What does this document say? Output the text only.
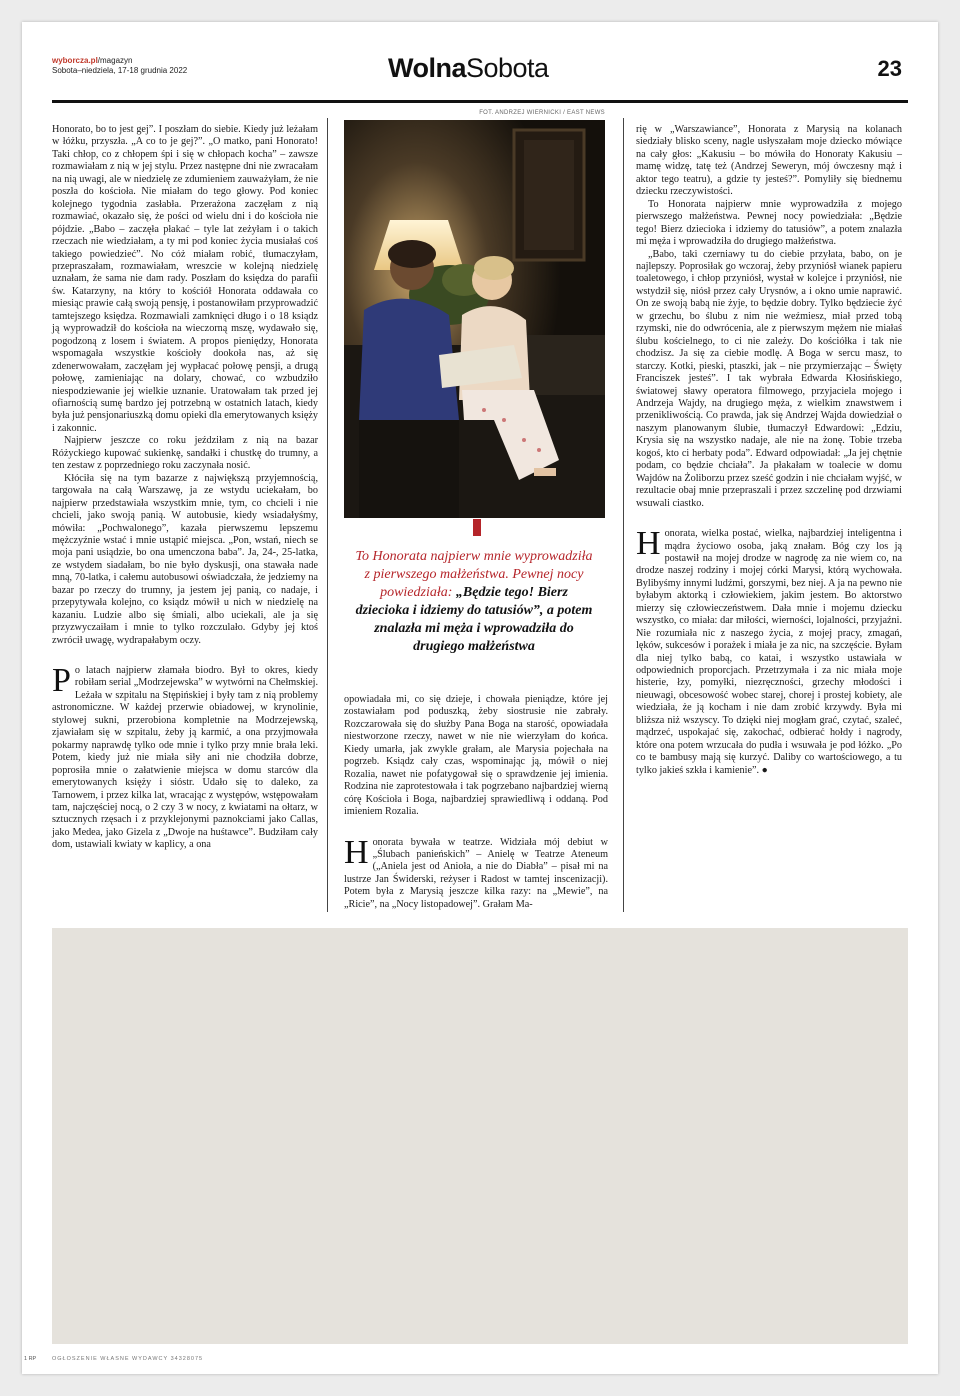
wyborcza.pl/magazyn
Sobota–niedziela, 17-18 grudnia 2022	WolnaSobota	23

Honorato, bo to jest gej”. I poszłam do siebie. Kiedy już leżałam w łóżku, przyszła. „A co to je gej?”. „O matko, pani Honorato! Taki chłop, co z chłopem śpi i się w chłopach kocha” – zawsze rozmawiałam z nią w jej stylu. Przez następne dni nie zwracałam na nią uwagi, ale w niedzielę ze zdumieniem zauważyłam, że nie poszła do kościoła. Nie miałam do tego głowy. Pod koniec kolejnego tygodnia zasłabła. Przerażona zaczęłam z nią rozmawiać, okazało się, że pości od wielu dni i do kościoła nie pójdzie. „Babo – zaczęła płakać – tyle lat zeżyłam i o takich rzeczach nie wiedziałam, a ty mi pod koniec życia musiałaś coś takiego powiedzieć”. No cóż miałam robić, tłumaczyłam, przepraszałam, rozmawiałam, wreszcie w kolejną niedzielę uznałam, że sama nie dam rady. Poszłam do księdza do parafii św. Katarzyny, na który to kościół Honorata oddawała co miesiąc prawie całą swoją pensję, i postanowiłam przyprowadzić tamtejszego księdza. Rozmawiali zamknięci długo i o 18 ksiądz ją wyprowadził do kościoła na wieczorną mszę, wydawało się, pogodzoną z losem i światem. A propos pieniędzy, Honorata wspomagała wszystkie kościoły dookoła nas, aż się zdenerwowałam, zaczęłam jej wypłacać połowę pensji, a drugą połowę, zamieniając na dolary, chować, co wzbudziło niespodziewanie jej wielkie uznanie. Uratowałam tak przed jej ofiarnością sumę bardzo jej potrzebną w ostatnich latach, kiedy była już pensjonariuszką domu opieki dla emerytowanych księży i zakonnic.

Najpierw jeszcze co roku jeździłam z nią na bazar Różyckiego kupować sukienkę, sandałki i chustkę do trumny, a ten zestaw z poprzedniego roku zaczynała nosić.

Kłóciła się na tym bazarze z największą przyjemnością, targowała na całą Warszawę, ja ze wstydu uciekałam, bo najpierw przedstawiała wszystkim mnie, tym, co chcieli i nie chcieli, jako swoją panią. W autobusie, kiedy wsiadałyśmy, mówiła: „Pochwalonego”, kazała pierwszemu lepszemu mężczyźnie wstać i mnie ustąpić miejsca. „Pon, wstań, niech se moja pani usiądzie, bo ona umenczona baba”. Ja, 24-, 25-latka, ze wstydem siadałam, bo nie było dyskusji, ona stawała nade mną, 70-latka, i całemu autobusowi oświadczała, że jedziemy na bazar po rzeczy do trumny, ja jestem jej panią, co nadaje, i przepytywała kolejno, co ksiądz mówił u nich w niedzielę na kazaniu. Ludzie albo się śmiali, albo uciekali, ale ja się przyzwyczaiłam i mnie to tylko rozczulało. Gdyby jej ktoś zwrócił uwagę, wydrapałabym oczy.

Po latach najpierw złamała biodro. Był to okres, kiedy robiłam serial „Modrzejewska” w wytwórni na Chełmskiej. Leżała w szpitalu na Stępińskiej i były tam z nią problemy astronomiczne. W każdej przerwie obiadowej, w krynolinie, stylowej sukni, przerobiona kompletnie na Modrzejewską, zjawiałam się w szpitalu, żeby ją karmić, a ona przyjmowała pokarmy naprawdę tylko ode mnie i tylko przy mnie brała leki. Potem, kiedy już nie miała siły ani nie chodziła dobrze, poprosiła mnie o załatwienie miejsca w domu starców dla emerytowanych księży i sióstr. Udało się to daleko, za Tarnowem, i przez kilka lat, wracając z występów, wstępowałam tam, najczęściej nocą, o 2 czy 3 w nocy, z kwiatami na ołtarz, w sztucznych rzęsach i z przyklejonymi paznokciami jako Callas, jako Medea, jako Gizela z „Dwoje na huśtawce”. Budziłam cały dom, ustawiali kwiaty w kaplicy, a ona

FOT. ANDRZEJ WIERNICKI / EAST NEWS
To Honorata najpierw mnie wyprowadziła z pierwszego małżeństwa. Pewnej nocy powiedziała: „Będzie tego! Bierz dziecioka i idziemy do tatusiów”, a potem znalazła mi męża i wprowadziła do drugiego małżeństwa

opowiadała mi, co się dzieje, i chowała pieniądze, które jej zostawiałam pod poduszką, żeby siostrusie nie zabrały. Rozczarowała się do służby Pana Boga na starość, opowiadała niestworzone rzeczy, nawet w nie nie wierzyłam do końca. Kiedy umarła, jak zwykle grałam, ale Marysia pojechała na pogrzeb. Ksiądz cały czas, wspominając ją, mówił o niej Rozalia, nawet nie pofatygował się o sprawdzenie jej imienia. Rodzina nie zaprotestowała i tak pogrzebano najbardziej wierną córę Kościoła i Boga, najbardziej sprawiedliwą i oddaną. Pod imieniem Rozalia.

Honorata bywała w teatrze. Widziała mój debiut w „Ślubach panieńskich” – Anielę w Teatrze Ateneum („Aniela jest od Anioła, a nie do Diabła” – pisał mi na lustrze Jan Świderski, reżyser i Radost w tamtej inscenizacji). Potem była z Marysią jeszcze kilka razy: na „Mewie”, na „Ricie”, na „Nocy listopadowej”. Grałam Ma-

rię w „Warszawiance”, Honorata z Marysią na kolanach siedziały blisko sceny, nagle usłyszałam moje dziecko mówiące na cały głos: „Kakusiu – bo mówiła do Honoraty Kakusiu – mamę widzę, tatę też (Andrzej Seweryn, mój ówczesny mąż i aktor tego teatru), a gdzie ty jesteś?”. Pomyliły się biednemu dziecku rzeczywistości.

To Honorata najpierw mnie wyprowadziła z mojego pierwszego małżeństwa. Pewnej nocy powiedziała: „Będzie tego! Bierz dziecioka i idziemy do tatusiów”, a potem znalazła mi męża i wprowadziła do drugiego małżeństwa.

„Babo, taki czerniawy tu do ciebie przyłata, babo, on je najlepszy. Poprosiłak go wczoraj, żeby przyniósł wianek papieru toaletowego, i chłop przyniósł, wystał w kolejce i przyniósł, nie wstydził się, niósł przez cały Urysnów, a i okno umie naprawić. On ze swoją babą nie żyje, to będzie dobry. Tylko będziecie żyć w grzechu, bo ślubu z nim nie weźmiesz, miał przed tobą rzymski, nie do odwrócenia, ale z pierwszym mężem nie miałaś ślubu kościelnego, to ci nie zależy. Do kościółka i tak nie chodzisz. Ja się za ciebie modlę. A Boga w sercu masz, to starczy. Kotki, pieski, ptaszki, jak – nie przymierzając – Święty Franciszek jesteś”. I tak wybrała Edwarda Kłosińskiego, światowej sławy operatora filmowego, przyjaciela mojego i Andrzeja Wajdy, na drugiego męża, z wielkim znawstwem i przenikliwością. Co prawda, jak się Andrzej Wajda dowiedział o naszym planowanym ślubie, tłumaczył Edwardowi: „Edziu, Krysia się na wszystko nadaje, ale nie na żonę. Tobie trzeba kogoś, kto ci herbaty poda”. Edward odpowiadał: „Ja jej chętnie podam, co będzie chciała”. Ja płakałam w toalecie w domu Wajdów na Żoliborzu przez sześć godzin i nie chciałam wyjść, w rezultacie obaj mnie przepraszali i przez szczelinę pod drzwiami wsuwali ciastko.

Honorata, wielka postać, wielka, najbardziej inteligentna i mądra życiowo osoba, jaką znałam. Bóg czy los ją postawił na mojej drodze w nagrodę za nie wiem co, na drodze naszej rodziny i mojej córki Marysi, którą wychowała. Bylibyśmy innymi ludźmi, gorszymi, bez niej. A ja na pewno nie byłabym aktorką i człowiekiem, jakim jestem. Bo aktorstwo mierzy się człowieczeństwem. Dała mnie i mojemu dziecku wszystko, co miała: dar miłości, wierności, lojalności, przyjaźni. Nie rozumiała nic z naszego życia, z mojej pracy, zmagań, lęków, sukcesów i porażek i miała je za nic, na szczęście. Byłam dla niej tylko babą, co katai, i wszystko ustawiała w odpowiednich proporcjach. Przetrzymała i za nic miała moje histerie, łzy, pomyłki, niezręczności, grzechy młodości i nieuwagi, obcesowość wobec starej, chorej i prostej kobiety, ale wiedziała, że ją kocham i nie dam zrobić krzywdy. Była mi bliższa niż wszyscy. To dzięki niej mogłam grać, czytać, szaleć, mądrzeć, uspokajać się, zakochać, odbierać hołdy i nagrody, które ona potem wrzucała do pudła i wsuwała je pod łóżko. „Po co te bambusy mają się kurzyć. Daliby co wartościowego, a tu tylko jakieś szkła i kamienie”. ●

1 RP	OGŁOSZENIE WŁASNE WYDAWCY 34328075
